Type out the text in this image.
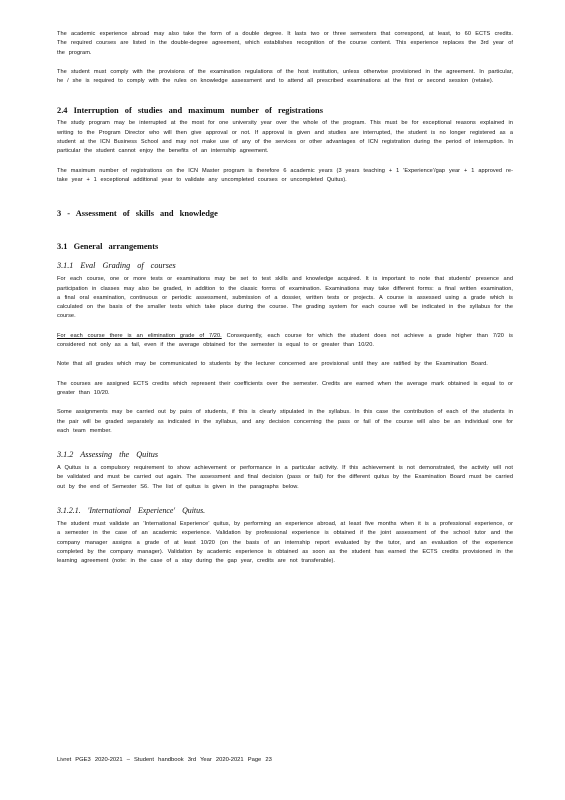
The academic experience abroad may also take the form of a double degree. It lasts two or three semesters that correspond, at least, to 60 ECTS credits. The required courses are listed in the double-degree agreement, which establishes recognition of the course content. This experience replaces the 3rd year of the program.

The student must comply with the provisions of the examination regulations of the host institution, unless otherwise provisioned in the agreement. In particular, he / she is required to comply with the rules on knowledge assessment and to attend all prescribed examinations at the first or second session (retake).

2.4 Interruption of studies and maximum number of registrations

The study program may be interrupted at the most for one university year over the whole of the program. This must be for exceptional reasons explained in writing to the Program Director who will then give approval or not. If approval is given and studies are interrupted, the student is no longer registered as a student at the ICN Business School and may not make use of any of the services or other advantages of ICN registration during the period of interruption. In particular the student cannot enjoy the benefits of an internship agreement.

The maximum number of registrations on the ICN Master program is therefore 6 academic years (3 years teaching + 1 'Experience'/gap year + 1 approved re-take year + 1 exceptional additional year to validate any uncompleted courses or uncompleted Quitus).

3 - Assessment of skills and knowledge
3.1 General arrangements
3.1.1 Eval Grading of courses

For each course, one or more tests or examinations may be set to test skills and knowledge acquired. It is important to note that students' presence and participation in classes may also be graded, in addition to the classic forms of examination. Examinations may take different forms: a final written examination, a final oral examination, continuous or periodic assessment, submission of a dossier, written tests or projects. A course is assessed using a grade which is calculated on the basis of the smaller tests which take place during the course. The grading system for each course will be indicated in the syllabus for the course.

For each course there is an elimination grade of 7/20. Consequently, each course for which the student does not achieve a grade higher than 7/20 is considered not only as a fail, even if the average obtained for the semester is equal to or greater than 10/20.

Note that all grades which may be communicated to students by the lecturer concerned are provisional until they are ratified by the Examination Board.

The courses are assigned ECTS credits which represent their coefficients over the semester. Credits are earned when the average mark obtained is equal to or greater than 10/20.

Some assignments may be carried out by pairs of students, if this is clearly stipulated in the syllabus. In this case the contribution of each of the students in the pair will be graded separately as indicated in the syllabus, and any decision concerning the pass or fail of the course will also be an individual one for each team member.

3.1.2 Assessing the Quitus

A Quitus is a compulsory requirement to show achievement or performance in a particular activity. If this achievement is not demonstrated, the activity will not be validated and must be carried out again. The assessment and final decision (pass or fail) for the different quitus by the Examination Board must be carried out by the end of Semester S6. The list of quitus is given in the paragraphs below.

3.1.2.1. 'International Experience' Quitus.

The student must validate an 'International Experience' quitus, by performing an experience abroad, at least five months when it is a professional experience, or a semester in the case of an academic experience. Validation by professional experience is obtained if the joint assessment of the school tutor and the company manager assigns a grade of at least 10/20 (on the basis of an internship report evaluated by the tutor, and an evaluation of the experience completed by the company manager). Validation by academic experience is obtained as soon as the student has earned the ECTS credits provisioned in the learning agreement (note: in the case of a stay during the gap year, credits are not transferable).

Livret PGE3 2020-2021 – Student handbook 3rd Year 2020-2021 Page 23
